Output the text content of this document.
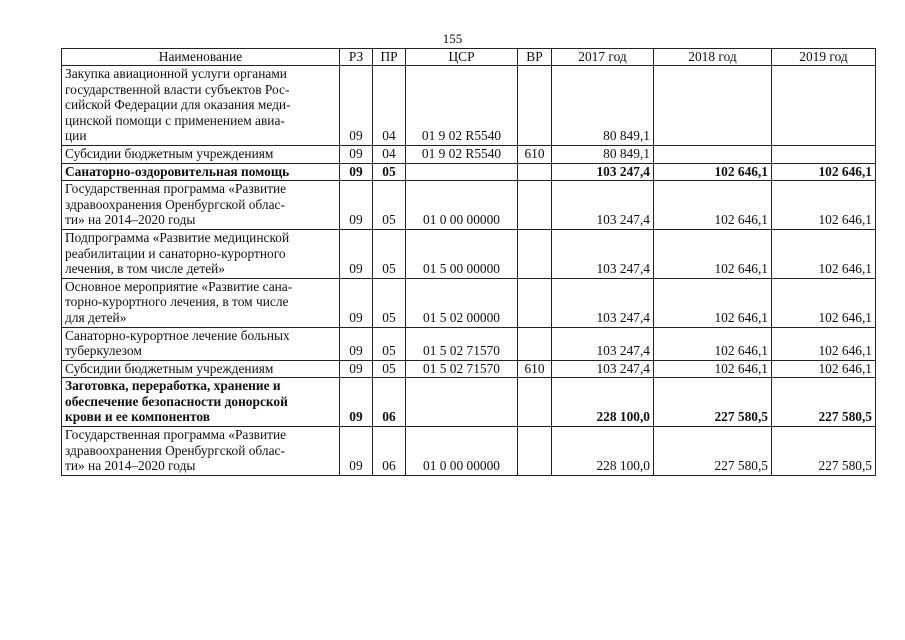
155
Наименование	РЗ	ПР	ЦСР	ВР	2017 год	2018 год	2019 год
Закупка авиационной услуги органами
государственной власти субъектов Рос-
сийской Федерации для оказания меди-
цинской помощи с применением авиа-
ции	09	04	01 9 02 R5540		80 849,1		
Субсидии бюджетным учреждениям	09	04	01 9 02 R5540	610	80 849,1		
Санаторно-оздоровительная помощь	09	05			103 247,4	102 646,1	102 646,1
Государственная программа «Развитие
здравоохранения Оренбургской облас-
ти» на 2014–2020 годы	09	05	01 0 00 00000		103 247,4	102 646,1	102 646,1
Подпрограмма «Развитие медицинской
реабилитации и санаторно-курортного
лечения, в том числе детей»	09	05	01 5 00 00000		103 247,4	102 646,1	102 646,1
Основное мероприятие «Развитие сана-
торно-курортного лечения, в том числе
для детей»	09	05	01 5 02 00000		103 247,4	102 646,1	102 646,1
Санаторно-курортное лечение больных
туберкулезом	09	05	01 5 02 71570		103 247,4	102 646,1	102 646,1
Субсидии бюджетным учреждениям	09	05	01 5 02 71570	610	103 247,4	102 646,1	102 646,1
Заготовка, переработка, хранение и
обеспечение безопасности донорской
крови и ее компонентов	09	06			228 100,0	227 580,5	227 580,5
Государственная программа «Развитие
здравоохранения Оренбургской облас-
ти» на 2014–2020 годы	09	06	01 0 00 00000		228 100,0	227 580,5	227 580,5
